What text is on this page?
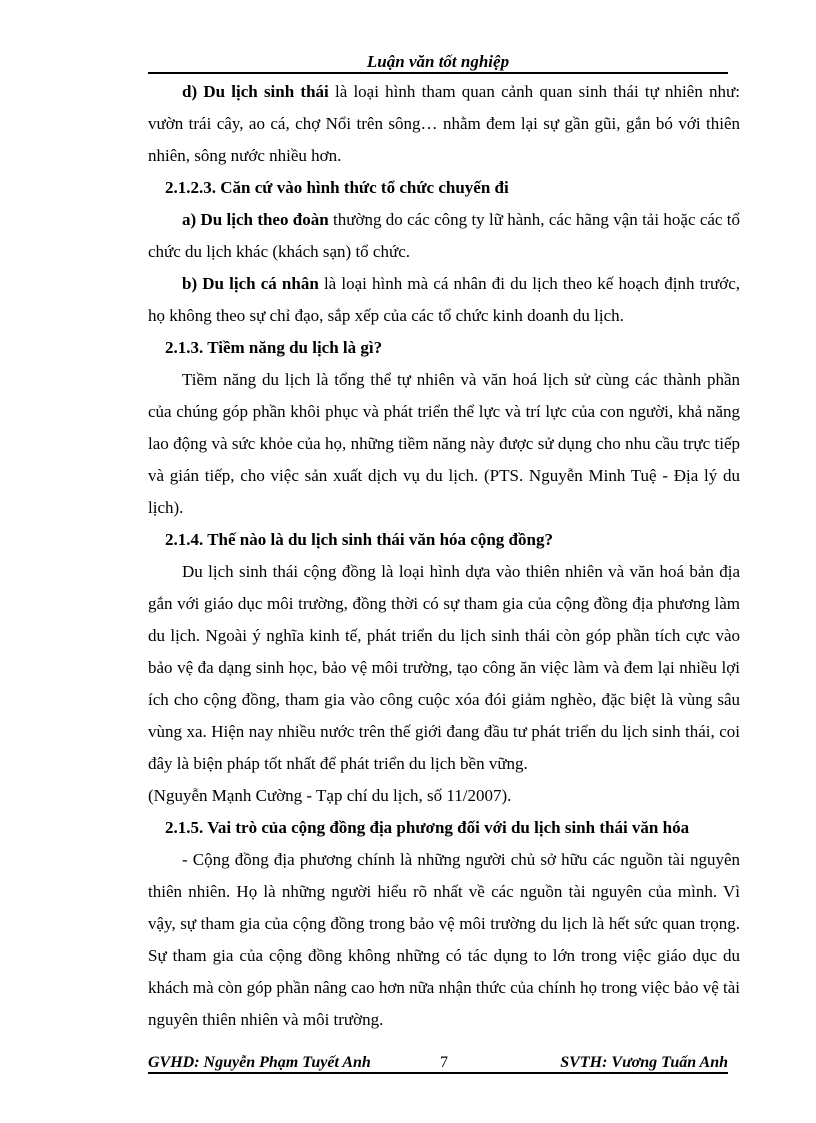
Luận văn tốt nghiệp

d) Du lịch sinh thái là loại hình tham quan cảnh quan sinh thái tự nhiên như: vườn trái cây, ao cá, chợ Nổi trên sông… nhằm đem lại sự gần gũi, gắn bó với thiên nhiên, sông nước nhiều hơn.

2.1.2.3. Căn cứ vào hình thức tổ chức chuyến đi

a) Du lịch theo đoàn thường do các công ty lữ hành, các hãng vận tải hoặc các tổ chức du lịch khác (khách sạn) tổ chức.

b) Du lịch cá nhân là loại hình mà cá nhân đi du lịch theo kế hoạch định trước, họ không theo sự chỉ đạo, sắp xếp của các tổ chức kinh doanh du lịch.

2.1.3. Tiềm năng du lịch là gì?

Tiềm năng du lịch là tổng thể tự nhiên và văn hoá lịch sử cùng các thành phần của chúng góp phần khôi phục và phát triển thể lực và trí lực của con người, khả năng lao động và sức khỏe của họ, những tiềm năng này được sử dụng cho nhu cầu trực tiếp và gián tiếp, cho việc sản xuất dịch vụ du lịch. (PTS. Nguyễn Minh Tuệ - Địa lý du lịch).

2.1.4. Thế nào là du lịch sinh thái văn hóa cộng đồng?

Du lịch sinh thái cộng đồng là loại hình dựa vào thiên nhiên và văn hoá bản địa gắn với giáo dục môi trường, đồng thời có sự tham gia của cộng đồng địa phương làm du lịch. Ngoài ý nghĩa kinh tế, phát triển du lịch sinh thái còn góp phần tích cực vào bảo vệ đa dạng sinh học, bảo vệ môi trường, tạo công ăn việc làm và đem lại nhiều lợi ích cho cộng đồng, tham gia vào công cuộc xóa đói giảm nghèo, đặc biệt là vùng sâu vùng xa. Hiện nay nhiều nước trên thế giới đang đầu tư phát triển du lịch sinh thái, coi đây là biện pháp tốt nhất để phát triển du lịch bền vững.

(Nguyễn Mạnh Cường - Tạp chí du lịch, số 11/2007).

2.1.5. Vai trò của cộng đồng địa phương đối với du lịch sinh thái văn hóa

- Cộng đồng địa phương chính là những người chủ sở hữu các nguồn tài nguyên thiên nhiên. Họ là những người hiểu rõ nhất về các nguồn tài nguyên của mình. Vì vậy, sự tham gia của cộng đồng trong bảo vệ môi trường du lịch là hết sức quan trọng. Sự tham gia của cộng đồng không những có tác dụng to lớn trong việc giáo dục du khách mà còn góp phần nâng cao hơn nữa nhận thức của chính họ trong việc bảo vệ tài nguyên thiên nhiên và môi trường.

GVHD: Nguyễn Phạm Tuyết Anh	7	SVTH: Vương Tuấn Anh
